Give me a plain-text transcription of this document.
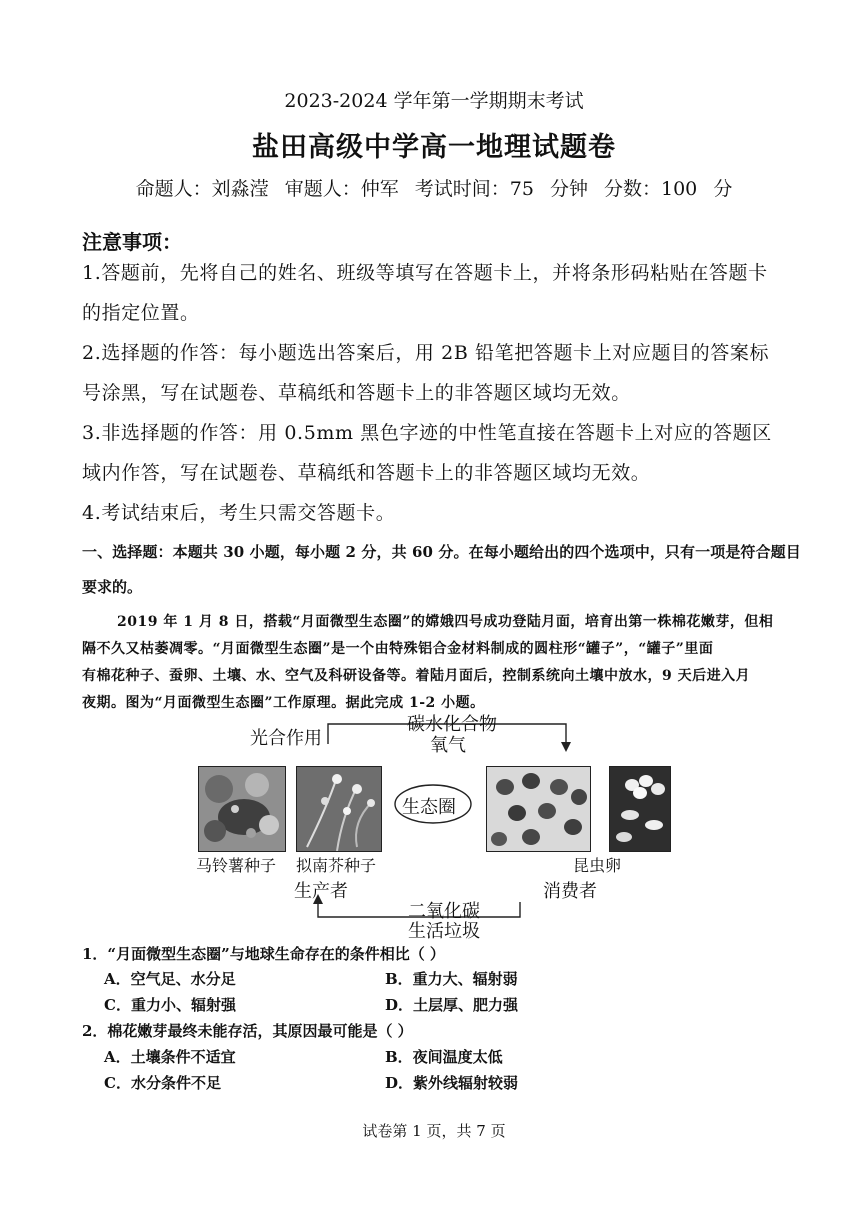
2023-2024 学年第一学期期末考试
盐田高级中学高一地理试题卷
命题人：刘淼滢 审题人：仲军 考试时间：75 分钟 分数：100 分
注意事项：
1.答题前，先将自己的姓名、班级等填写在答题卡上，并将条形码粘贴在答题卡
的指定位置。
2.选择题的作答：每小题选出答案后，用 2B 铅笔把答题卡上对应题目的答案标
号涂黑，写在试题卷、草稿纸和答题卡上的非答题区域均无效。
3.非选择题的作答：用 0.5mm 黑色字迹的中性笔直接在答题卡上对应的答题区
域内作答，写在试题卷、草稿纸和答题卡上的非答题区域均无效。
4.考试结束后，考生只需交答题卡。
一、选择题：本题共 30 小题，每小题 2 分，共 60 分。在每小题给出的四个选项中，只有一项是符合题目
要求的。
2019 年 1 月 8 日，搭载“月面微型生态圈”的嫦娥四号成功登陆月面，培育出第一株棉花嫩芽，但相
隔不久又枯萎凋零。“月面微型生态圈”是一个由特殊铝合金材料制成的圆柱形“罐子”，“罐子”里面
有棉花种子、蚕卵、土壤、水、空气及科研设备等。着陆月面后，控制系统向土壤中放水，9 天后进入月
夜期。图为“月面微型生态圈”工作原理。据此完成 1-2 小题。
光合作用
碳水化合物
氧气
生态圈
马铃薯种子 拟南芥种子	昆虫卵
生产者	消费者
二氧化碳
生活垃圾
1．“月面微型生态圈”与地球生命存在的条件相比（ ）
A．空气足、水分足	B．重力大、辐射弱
C．重力小、辐射强	D．土层厚、肥力强
2．棉花嫩芽最终未能存活，其原因最可能是（ ）
A．土壤条件不适宜	B．夜间温度太低
C．水分条件不足	D．紫外线辐射较弱
试卷第 1 页，共 7 页
